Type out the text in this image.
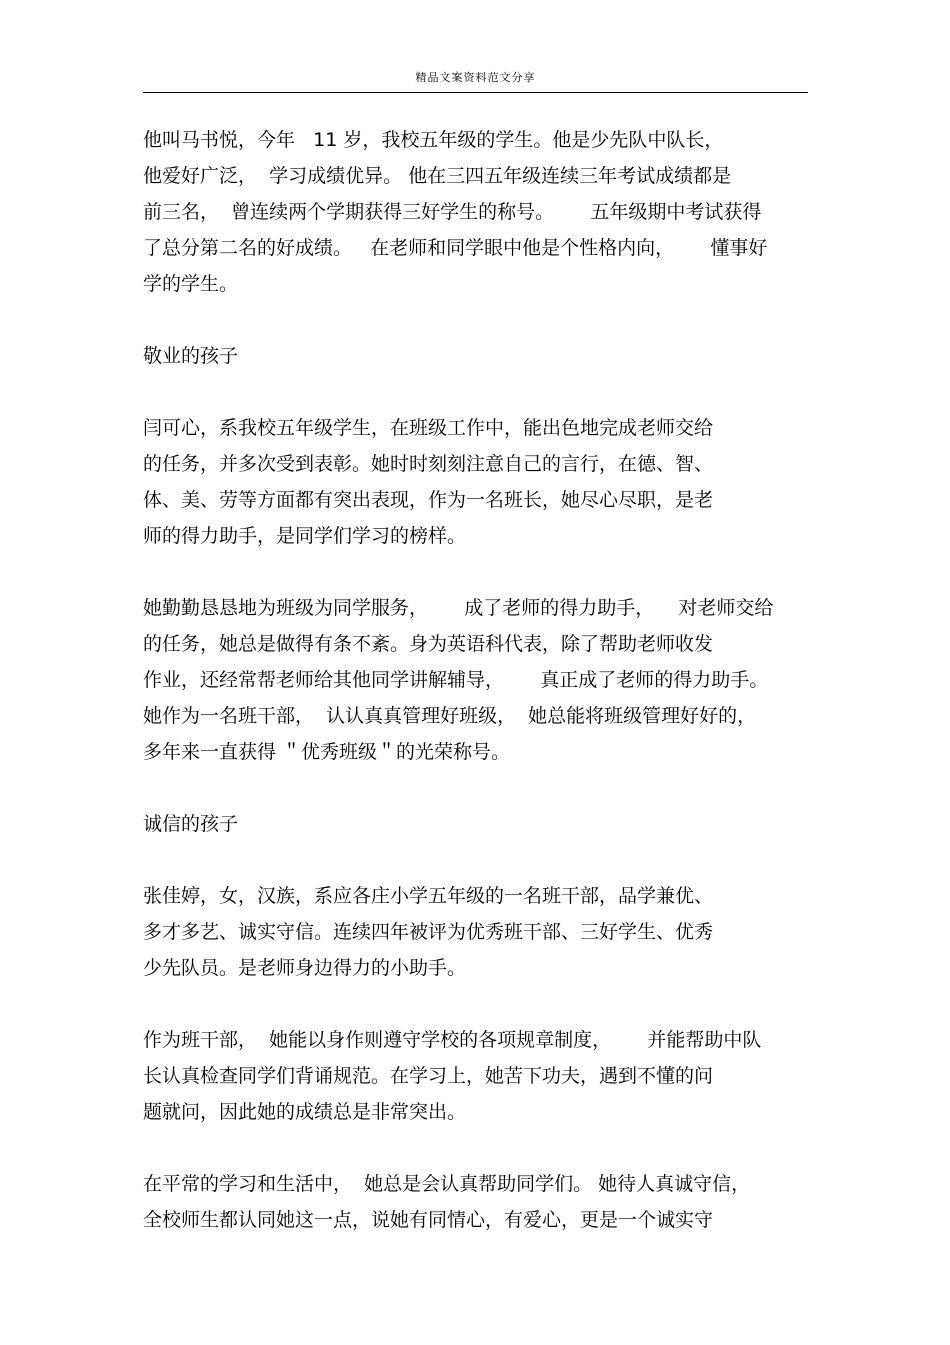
精品文案资料范文分享
他叫马书悦，今年   11 岁，我校五年级的学生。他是少先队中队长，
他爱好广泛，  学习成绩优异。 他在三四五年级连续三年考试成绩都是
前三名，  曾连续两个学期获得三好学生的称号。      五年级期中考试获得
了总分第二名的好成绩。   在老师和同学眼中他是个性格内向，      懂事好
学的学生。
敬业的孩子
闫可心，系我校五年级学生，在班级工作中，能出色地完成老师交给
的任务，并多次受到表彰。她时时刻刻注意自己的言行，在德、智、
体、美、劳等方面都有突出表现，作为一名班长，她尽心尽职，是老
师的得力助手，是同学们学习的榜样。
她勤勤恳恳地为班级为同学服务，      成了老师的得力助手，    对老师交给
的任务，她总是做得有条不紊。身为英语科代表，除了帮助老师收发
作业，还经常帮老师给其他同学讲解辅导，      真正成了老师的得力助手。
她作为一名班干部，  认认真真管理好班级，  她总能将班级管理好好的，
多年来一直获得 ＂优秀班级＂的光荣称号。
诚信的孩子
张佳婷，女，汉族，系应各庄小学五年级的一名班干部，品学兼优、
多才多艺、诚实守信。连续四年被评为优秀班干部、三好学生、优秀
少先队员。是老师身边得力的小助手。
作为班干部，  她能以身作则遵守学校的各项规章制度，      并能帮助中队
长认真检查同学们背诵规范。在学习上，她苦下功夫，遇到不懂的问
题就问，因此她的成绩总是非常突出。
在平常的学习和生活中，  她总是会认真帮助同学们。 她待人真诚守信，
全校师生都认同她这一点，说她有同情心，有爱心，更是一个诚实守
